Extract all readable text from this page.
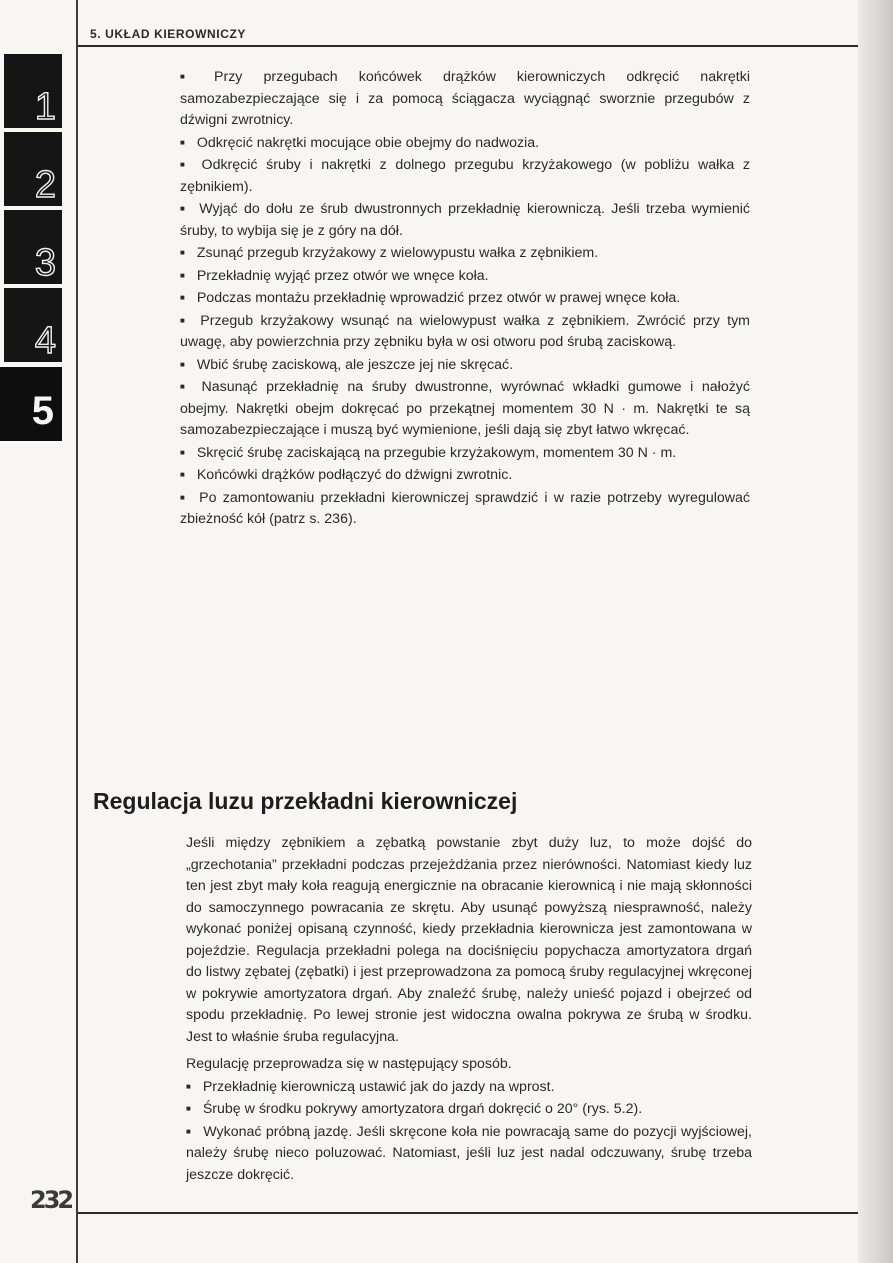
5. UKŁAD KIEROWNICZY
1
2
3
4
5

■ Przy przegubach końcówek drążków kierowniczych odkręcić nakrętki samozabezpieczające się i za pomocą ściągacza wyciągnąć sworznie przegubów z dźwigni zwrotnicy.

■ Odkręcić nakrętki mocujące obie obejmy do nadwozia.

■ Odkręcić śruby i nakrętki z dolnego przegubu krzyżakowego (w pobliżu wałka z zębnikiem).

■ Wyjąć do dołu ze śrub dwustronnych przekładnię kierowniczą. Jeśli trzeba wymienić śruby, to wybija się je z góry na dół.

■ Zsunąć przegub krzyżakowy z wielowypustu wałka z zębnikiem.

■ Przekładnię wyjąć przez otwór we wnęce koła.

■ Podczas montażu przekładnię wprowadzić przez otwór w prawej wnęce koła.

■ Przegub krzyżakowy wsunąć na wielowypust wałka z zębnikiem. Zwrócić przy tym uwagę, aby powierzchnia przy zębniku była w osi otworu pod śrubą zaciskową.

■ Wbić śrubę zaciskową, ale jeszcze jej nie skręcać.

■ Nasunąć przekładnię na śruby dwustronne, wyrównać wkładki gumowe i nałożyć obejmy. Nakrętki obejm dokręcać po przekątnej momentem 30 N · m. Nakrętki te są samozabezpieczające i muszą być wymienione, jeśli dają się zbyt łatwo wkręcać.

■ Skręcić śrubę zaciskającą na przegubie krzyżakowym, momentem 30 N · m.

■ Końcówki drążków podłączyć do dźwigni zwrotnic.

■ Po zamontowaniu przekładni kierowniczej sprawdzić i w razie potrzeby wyregulować zbieżność kół (patrz s. 236).

Regulacja luzu przekładni kierowniczej

Jeśli między zębnikiem a zębatką powstanie zbyt duży luz, to może dojść do „grzechotania” przekładni podczas przejeżdżania przez nierówności. Natomiast kiedy luz ten jest zbyt mały koła reagują energicznie na obracanie kierownicą i nie mają skłonności do samoczynnego powracania ze skrętu. Aby usunąć powyższą niesprawność, należy wykonać poniżej opisaną czynność, kiedy przekładnia kierownicza jest zamontowana w pojeździe. Regulacja przekładni polega na dociśnięciu popychacza amortyzatora drgań do listwy zębatej (zębatki) i jest przeprowadzona za pomocą śruby regulacyjnej wkręconej w pokrywie amortyzatora drgań. Aby znaleźć śrubę, należy unieść pojazd i obejrzeć od spodu przekładnię. Po lewej stronie jest widoczna owalna pokrywa ze śrubą w środku. Jest to właśnie śruba regulacyjna.

Regulację przeprowadza się w następujący sposób.

■ Przekładnię kierowniczą ustawić jak do jazdy na wprost.

■ Śrubę w środku pokrywy amortyzatora drgań dokręcić o 20° (rys. 5.2).

■ Wykonać próbną jazdę. Jeśli skręcone koła nie powracają same do pozycji wyjściowej, należy śrubę nieco poluzować. Natomiast, jeśli luz jest nadal odczuwany, śrubę trzeba jeszcze dokręcić.

232
